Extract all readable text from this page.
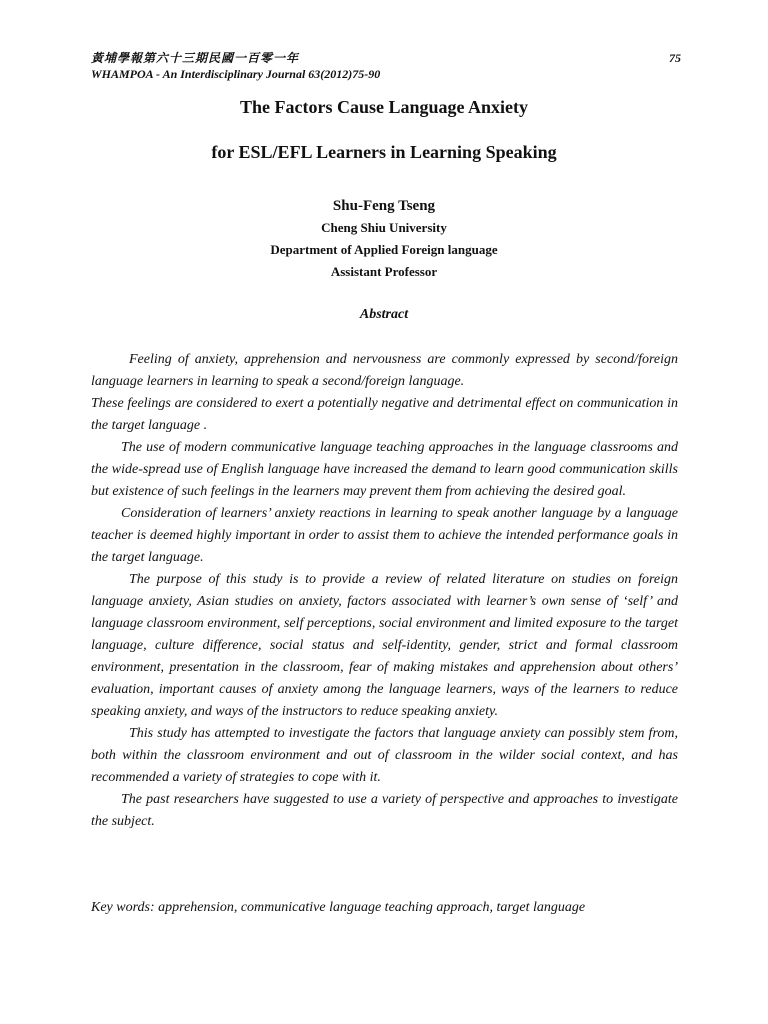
黃埔學報第六十三期民國一百零一年
WHAMPOA - An Interdisciplinary Journal 63(2012)75-90
75
The Factors Cause Language Anxiety
for ESL/EFL Learners in Learning Speaking
Shu-Feng Tseng
Cheng Shiu University
Department of Applied Foreign language
Assistant Professor
Abstract

Feeling of anxiety, apprehension and nervousness are commonly expressed by second/foreign language learners in learning to speak a second/foreign language.

These feelings are considered to exert a potentially negative and detrimental effect on communication in the target language .

The use of modern communicative language teaching approaches in the language classrooms and the wide-spread use of English language have increased the demand to learn good communication skills but existence of such feelings in the learners may prevent them from achieving the desired goal.

Consideration of learners’ anxiety reactions in learning to speak another language by a language teacher is deemed highly important in order to assist them to achieve the intended performance goals in the target language.

The purpose of this study is to provide a review of related literature on studies on foreign language anxiety, Asian studies on anxiety, factors associated with learner’s own sense of ‘self’ and language classroom environment, self perceptions, social environment and limited exposure to the target language, culture difference, social status and self-identity, gender, strict and formal classroom environment, presentation in the classroom, fear of making mistakes and apprehension about others’ evaluation, important causes of anxiety among the language learners, ways of the learners to reduce speaking anxiety, and ways of the instructors to reduce speaking anxiety.

This study has attempted to investigate the factors that language anxiety can possibly stem from, both within the classroom environment and out of classroom in the wilder social context, and has recommended a variety of strategies to cope with it.

The past researchers have suggested to use a variety of perspective and approaches to investigate the subject.

Key words: apprehension, communicative language teaching approach, target language
